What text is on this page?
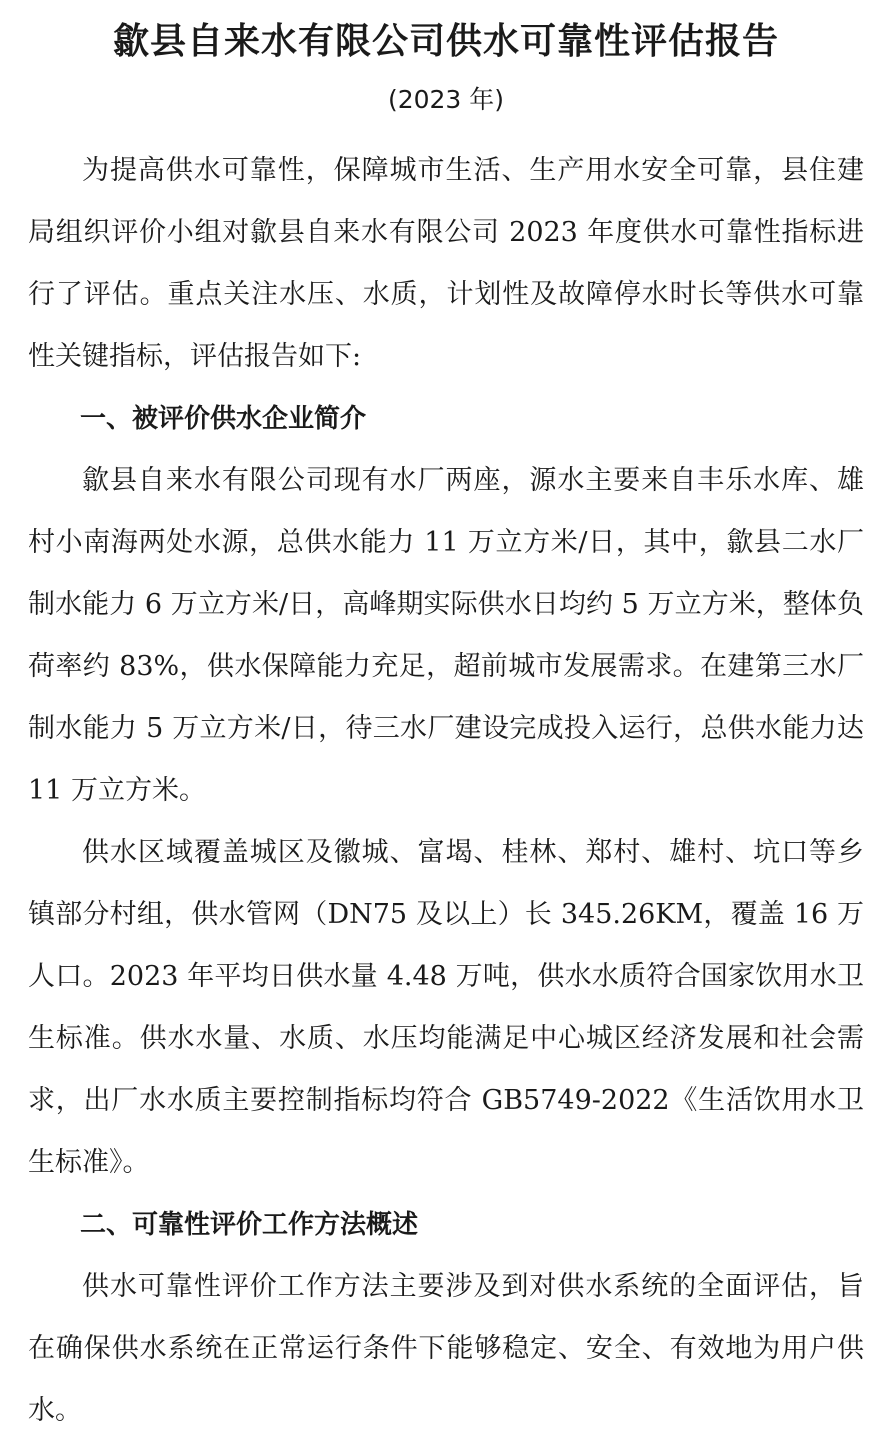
歙县自来水有限公司供水可靠性评估报告
(2023 年)

为提高供水可靠性，保障城市生活、生产用水安全可靠，县住建局组织评价小组对歙县自来水有限公司 2023 年度供水可靠性指标进行了评估。重点关注水压、水质，计划性及故障停水时长等供水可靠性关键指标，评估报告如下:

一、被评价供水企业简介

歙县自来水有限公司现有水厂两座，源水主要来自丰乐水库、雄村小南海两处水源，总供水能力 11 万立方米/日，其中，歙县二水厂制水能力 6 万立方米/日，高峰期实际供水日均约 5 万立方米，整体负荷率约 83%，供水保障能力充足，超前城市发展需求。在建第三水厂制水能力 5 万立方米/日，待三水厂建设完成投入运行，总供水能力达 11 万立方米。

供水区域覆盖城区及徽城、富堨、桂林、郑村、雄村、坑口等乡镇部分村组，供水管网（DN75 及以上）长 345.26KM，覆盖 16 万人口。2023 年平均日供水量 4.48 万吨，供水水质符合国家饮用水卫生标准。供水水量、水质、水压均能满足中心城区经济发展和社会需求，出厂水水质主要控制指标均符合 GB5749-2022《生活饮用水卫生标准》。

二、可靠性评价工作方法概述

供水可靠性评价工作方法主要涉及到对供水系统的全面评估，旨在确保供水系统在正常运行条件下能够稳定、安全、有效地为用户供水。
